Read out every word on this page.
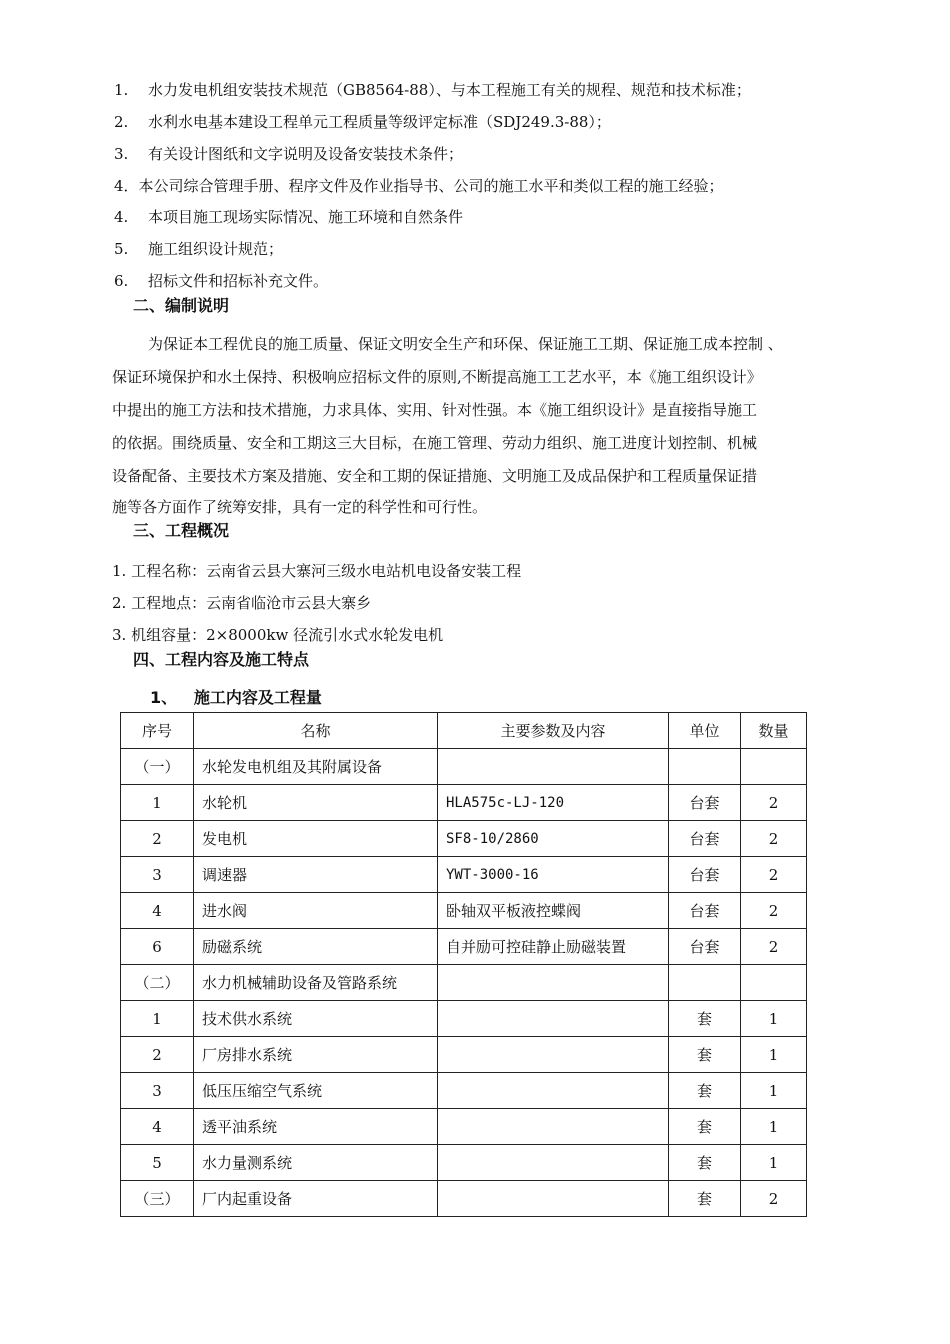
1. 水力发电机组安装技术规范（GB8564-88）、与本工程施工有关的规程、规范和技术标准；
2. 水利水电基本建设工程单元工程质量等级评定标准（SDJ249.3-88）；
3. 有关设计图纸和文字说明及设备安装技术条件；
4．本公司综合管理手册、程序文件及作业指导书、公司的施工水平和类似工程的施工经验；
4. 本项目施工现场实际情况、施工环境和自然条件
5. 施工组织设计规范；
6. 招标文件和招标补充文件。
二、编制说明
为保证本工程优良的施工质量、保证文明安全生产和环保、保证施工工期、保证施工成本控制 、
保证环境保护和水土保持、积极响应招标文件的原则,不断提高施工工艺水平，本《施工组织设计》
中提出的施工方法和技术措施，力求具体、实用、针对性强。本《施工组织设计》是直接指导施工
的依据。围绕质量、安全和工期这三大目标，在施工管理、劳动力组织、施工进度计划控制、机械
设备配备、主要技术方案及措施、安全和工期的保证措施、文明施工及成品保护和工程质量保证措
施等各方面作了统筹安排，具有一定的科学性和可行性。
三、工程概况
1. 工程名称：云南省云县大寨河三级水电站机电设备安装工程
2. 工程地点：云南省临沧市云县大寨乡
3. 机组容量：2×8000kw 径流引水式水轮发电机
四、工程内容及施工特点
1、 施工内容及工程量
序号	名称	主要参数及内容	单位	数量
（一）	水轮发电机组及其附属设备			
1	水轮机	HLA575c-LJ-120	台套	2
2	发电机	SF8-10/2860	台套	2
3	调速器	YWT-3000-16	台套	2
4	进水阀	卧轴双平板液控蝶阀	台套	2
6	励磁系统	自并励可控硅静止励磁装置	台套	2
（二）	水力机械辅助设备及管路系统			
1	技术供水系统		套	1
2	厂房排水系统		套	1
3	低压压缩空气系统		套	1
4	透平油系统		套	1
5	水力量测系统		套	1
（三）	厂内起重设备		套	2
